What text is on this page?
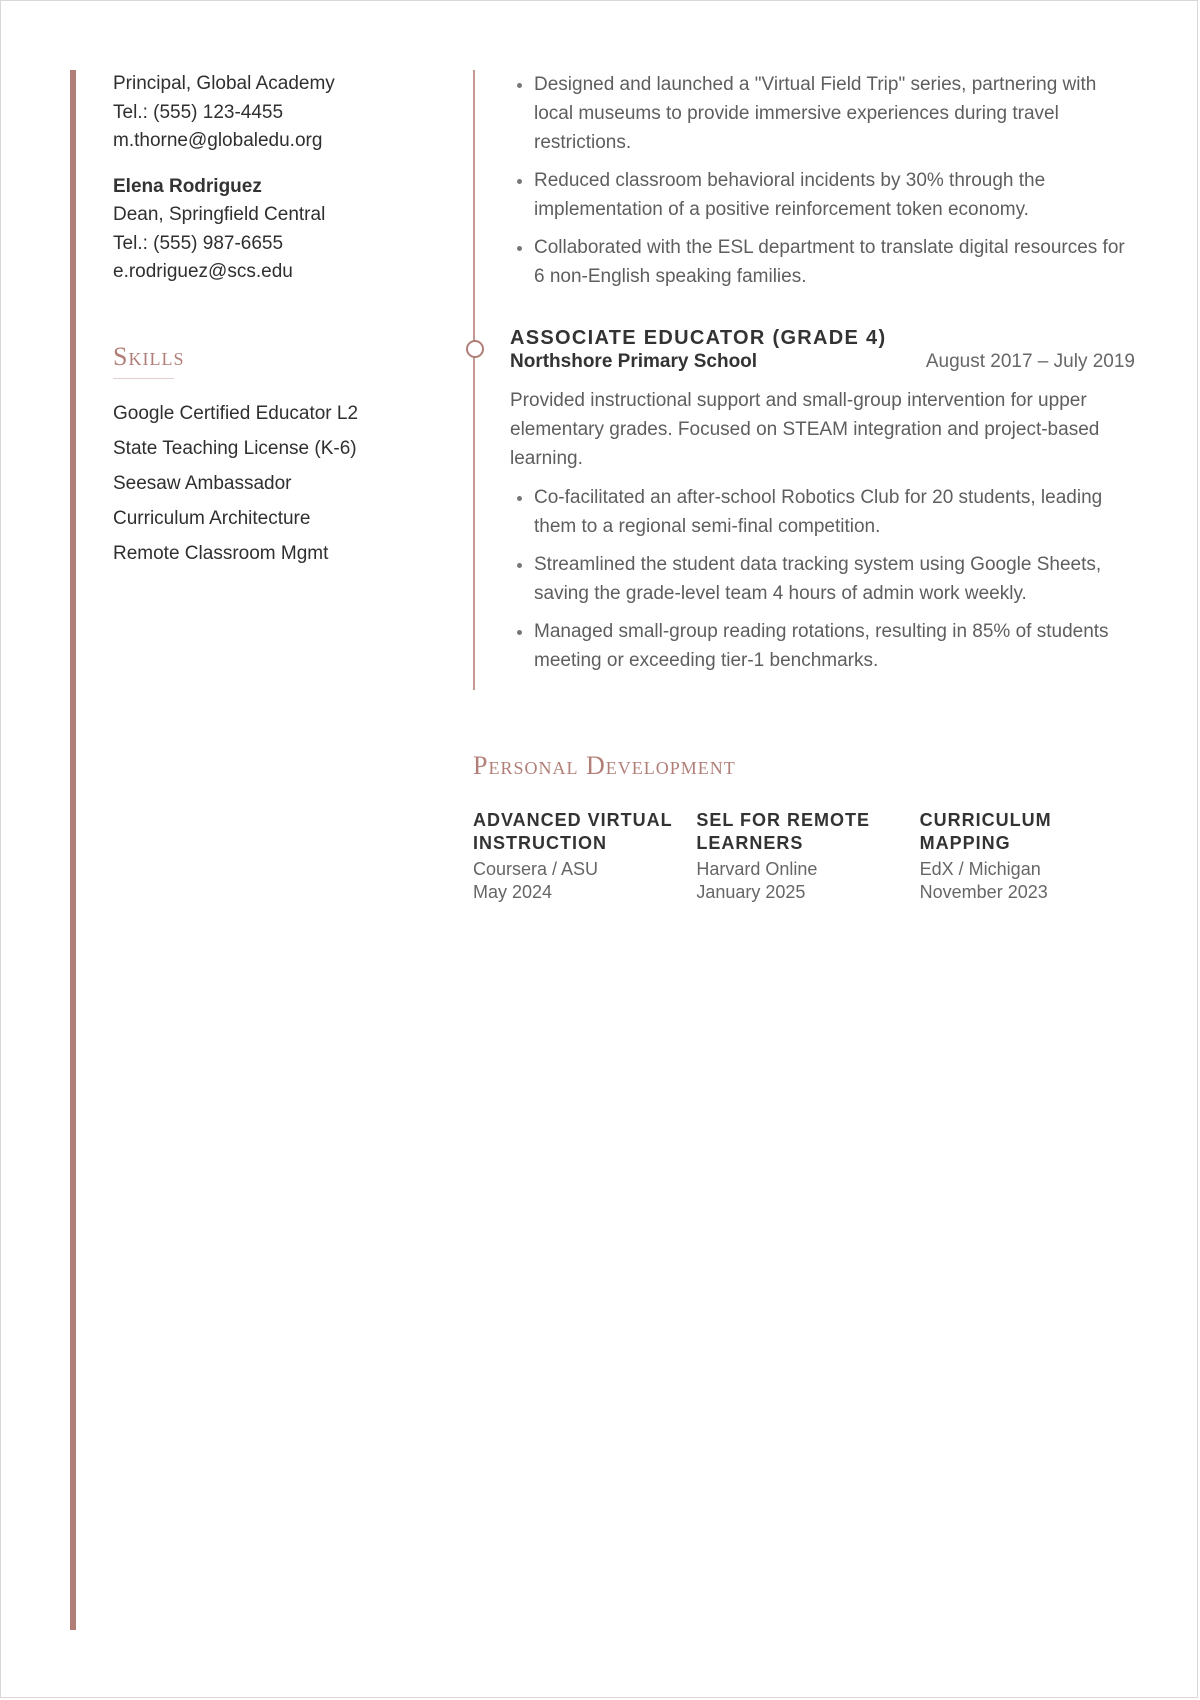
Principal, Global Academy

Tel.: (555) 123-4455

m.thorne@globaledu.org

Elena Rodriguez

Dean, Springfield Central

Tel.: (555) 987-6655

e.rodriguez@scs.edu

Skills
Google Certified Educator L2
State Teaching License (K-6)
Seesaw Ambassador
Curriculum Architecture
Remote Classroom Mgmt
• Designed and launched a "Virtual Field Trip" series, partnering with local museums to provide immersive experiences during travel restrictions.
• Reduced classroom behavioral incidents by 30% through the implementation of a positive reinforcement token economy.
• Collaborated with the ESL department to translate digital resources for 6 non-English speaking families.
ASSOCIATE EDUCATOR (GRADE 4)
Northshore Primary School	August 2017 – July 2019

Provided instructional support and small-group intervention for upper elementary grades. Focused on STEAM integration and project-based learning.

• Co-facilitated an after-school Robotics Club for 20 students, leading them to a regional semi-final competition.
• Streamlined the student data tracking system using Google Sheets, saving the grade-level team 4 hours of admin work weekly.
• Managed small-group reading rotations, resulting in 85% of students meeting or exceeding tier-1 benchmarks.
Personal Development
ADVANCED VIRTUAL INSTRUCTION

Coursera / ASU

May 2024

SEL FOR REMOTE LEARNERS

Harvard Online

January 2025

CURRICULUM MAPPING

EdX / Michigan

November 2023
